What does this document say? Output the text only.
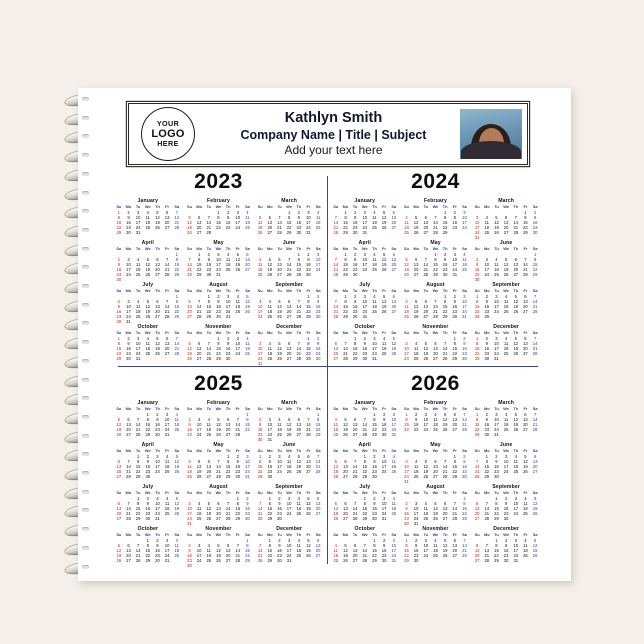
YOUR
LOGO
HERE
Kathlyn Smith
Company Name | Title | Subject
Add your text here
2023
January
Su	Mo	Tu	We	Th	Fr	Sa
1	2	3	4	5	6	7
8	9	10	11	12	13	14
15	16	17	18	19	20	21
22	23	24	25	26	27	28
29	30	31				
February
Su	Mo	Tu	We	Th	Fr	Sa
			1	2	3	4
5	6	7	8	9	10	11
12	13	14	15	16	17	18
19	20	21	22	23	24	25
26	27	28				
March
Su	Mo	Tu	We	Th	Fr	Sa
			1	2	3	4
5	6	7	8	9	10	11
12	13	14	15	16	17	18
19	20	21	22	23	24	25
26	27	28	29	30	31	
April
Su	Mo	Tu	We	Th	Fr	Sa
						1
2	3	4	5	6	7	8
9	10	11	12	13	14	15
16	17	18	19	20	21	22
23	24	25	26	27	28	29
30						
May
Su	Mo	Tu	We	Th	Fr	Sa
	1	2	3	4	5	6
7	8	9	10	11	12	13
14	15	16	17	18	19	20
21	22	23	24	25	26	27
28	29	30	31			
June
Su	Mo	Tu	We	Th	Fr	Sa
				1	2	3
4	5	6	7	8	9	10
11	12	13	14	15	16	17
18	19	20	21	22	23	24
25	26	27	28	29	30	
July
Su	Mo	Tu	We	Th	Fr	Sa
						1
2	3	4	5	6	7	8
9	10	11	12	13	14	15
16	17	18	19	20	21	22
23	24	25	26	27	28	29
30	31					
August
Su	Mo	Tu	We	Th	Fr	Sa
		1	2	3	4	5
6	7	8	9	10	11	12
13	14	15	16	17	18	19
20	21	22	23	24	25	26
27	28	29	30	31		
September
Su	Mo	Tu	We	Th	Fr	Sa
					1	2
3	4	5	6	7	8	9
10	11	12	13	14	15	16
17	18	19	20	21	22	23
24	25	26	27	28	29	30
October
Su	Mo	Tu	We	Th	Fr	Sa
1	2	3	4	5	6	7
8	9	10	11	12	13	14
15	16	17	18	19	20	21
22	23	24	25	26	27	28
29	30	31				
November
Su	Mo	Tu	We	Th	Fr	Sa
			1	2	3	4
5	6	7	8	9	10	11
12	13	14	15	16	17	18
19	20	21	22	23	24	25
26	27	28	29	30		
December
Su	Mo	Tu	We	Th	Fr	Sa
					1	2
3	4	5	6	7	8	9
10	11	12	13	14	15	16
17	18	19	20	21	22	23
24	25	26	27	28	29	30
31						
2024
January
Su	Mo	Tu	We	Th	Fr	Sa
	1	2	3	4	5	6
7	8	9	10	11	12	13
14	15	16	17	18	19	20
21	22	23	24	25	26	27
28	29	30	31			
February
Su	Mo	Tu	We	Th	Fr	Sa
				1	2	3
4	5	6	7	8	9	10
11	12	13	14	15	16	17
18	19	20	21	22	23	24
25	26	27	28	29		
March
Su	Mo	Tu	We	Th	Fr	Sa
					1	2
3	4	5	6	7	8	9
10	11	12	13	14	15	16
17	18	19	20	21	22	23
24	25	26	27	28	29	30
31						
April
Su	Mo	Tu	We	Th	Fr	Sa
	1	2	3	4	5	6
7	8	9	10	11	12	13
14	15	16	17	18	19	20
21	22	23	24	25	26	27
28	29	30				
May
Su	Mo	Tu	We	Th	Fr	Sa
			1	2	3	4
5	6	7	8	9	10	11
12	13	14	15	16	17	18
19	20	21	22	23	24	25
26	27	28	29	30	31	
June
Su	Mo	Tu	We	Th	Fr	Sa
						1
2	3	4	5	6	7	8
9	10	11	12	13	14	15
16	17	18	19	20	21	22
23	24	25	26	27	28	29
30						
July
Su	Mo	Tu	We	Th	Fr	Sa
	1	2	3	4	5	6
7	8	9	10	11	12	13
14	15	16	17	18	19	20
21	22	23	24	25	26	27
28	29	30	31			
August
Su	Mo	Tu	We	Th	Fr	Sa
				1	2	3
4	5	6	7	8	9	10
11	12	13	14	15	16	17
18	19	20	21	22	23	24
25	26	27	28	29	30	31
September
Su	Mo	Tu	We	Th	Fr	Sa
1	2	3	4	5	6	7
8	9	10	11	12	13	14
15	16	17	18	19	20	21
22	23	24	25	26	27	28
29	30					
October
Su	Mo	Tu	We	Th	Fr	Sa
		1	2	3	4	5
6	7	8	9	10	11	12
13	14	15	16	17	18	19
20	21	22	23	24	25	26
27	28	29	30	31		
November
Su	Mo	Tu	We	Th	Fr	Sa
					1	2
3	4	5	6	7	8	9
10	11	12	13	14	15	16
17	18	19	20	21	22	23
24	25	26	27	28	29	30
December
Su	Mo	Tu	We	Th	Fr	Sa
1	2	3	4	5	6	7
8	9	10	11	12	13	14
15	16	17	18	19	20	21
22	23	24	25	26	27	28
29	30	31				
2025
January
Su	Mo	Tu	We	Th	Fr	Sa
			1	2	3	4
5	6	7	8	9	10	11
12	13	14	15	16	17	18
19	20	21	22	23	24	25
26	27	28	29	30	31	
February
Su	Mo	Tu	We	Th	Fr	Sa
						1
2	3	4	5	6	7	8
9	10	11	12	13	14	15
16	17	18	19	20	21	22
23	24	25	26	27	28	
March
Su	Mo	Tu	We	Th	Fr	Sa
						1
2	3	4	5	6	7	8
9	10	11	12	13	14	15
16	17	18	19	20	21	22
23	24	25	26	27	28	29
30	31					
April
Su	Mo	Tu	We	Th	Fr	Sa
		1	2	3	4	5
6	7	8	9	10	11	12
13	14	15	16	17	18	19
20	21	22	23	24	25	26
27	28	29	30			
May
Su	Mo	Tu	We	Th	Fr	Sa
				1	2	3
4	5	6	7	8	9	10
11	12	13	14	15	16	17
18	19	20	21	22	23	24
25	26	27	28	29	30	31
June
Su	Mo	Tu	We	Th	Fr	Sa
1	2	3	4	5	6	7
8	9	10	11	12	13	14
15	16	17	18	19	20	21
22	23	24	25	26	27	28
29	30					
July
Su	Mo	Tu	We	Th	Fr	Sa
		1	2	3	4	5
6	7	8	9	10	11	12
13	14	15	16	17	18	19
20	21	22	23	24	25	26
27	28	29	30	31		
August
Su	Mo	Tu	We	Th	Fr	Sa
					1	2
3	4	5	6	7	8	9
10	11	12	13	14	15	16
17	18	19	20	21	22	23
24	25	26	27	28	29	30
31						
September
Su	Mo	Tu	We	Th	Fr	Sa
	1	2	3	4	5	6
7	8	9	10	11	12	13
14	15	16	17	18	19	20
21	22	23	24	25	26	27
28	29	30				
October
Su	Mo	Tu	We	Th	Fr	Sa
			1	2	3	4
5	6	7	8	9	10	11
12	13	14	15	16	17	18
19	20	21	22	23	24	25
26	27	28	29	30	31	
November
Su	Mo	Tu	We	Th	Fr	Sa
						1
2	3	4	5	6	7	8
9	10	11	12	13	14	15
16	17	18	19	20	21	22
23	24	25	26	27	28	29
30						
December
Su	Mo	Tu	We	Th	Fr	Sa
	1	2	3	4	5	6
7	8	9	10	11	12	13
14	15	16	17	18	19	20
21	22	23	24	25	26	27
28	29	30	31			
2026
January
Su	Mo	Tu	We	Th	Fr	Sa
				1	2	3
4	5	6	7	8	9	10
11	12	13	14	15	16	17
18	19	20	21	22	23	24
25	26	27	28	29	30	31
February
Su	Mo	Tu	We	Th	Fr	Sa
1	2	3	4	5	6	7
8	9	10	11	12	13	14
15	16	17	18	19	20	21
22	23	24	25	26	27	28
March
Su	Mo	Tu	We	Th	Fr	Sa
1	2	3	4	5	6	7
8	9	10	11	12	13	14
15	16	17	18	19	20	21
22	23	24	25	26	27	28
29	30	31				
April
Su	Mo	Tu	We	Th	Fr	Sa
			1	2	3	4
5	6	7	8	9	10	11
12	13	14	15	16	17	18
19	20	21	22	23	24	25
26	27	28	29	30		
May
Su	Mo	Tu	We	Th	Fr	Sa
					1	2
3	4	5	6	7	8	9
10	11	12	13	14	15	16
17	18	19	20	21	22	23
24	25	26	27	28	29	30
31						
June
Su	Mo	Tu	We	Th	Fr	Sa
	1	2	3	4	5	6
7	8	9	10	11	12	13
14	15	16	17	18	19	20
21	22	23	24	25	26	27
28	29	30				
July
Su	Mo	Tu	We	Th	Fr	Sa
			1	2	3	4
5	6	7	8	9	10	11
12	13	14	15	16	17	18
19	20	21	22	23	24	25
26	27	28	29	30	31	
August
Su	Mo	Tu	We	Th	Fr	Sa
						1
2	3	4	5	6	7	8
9	10	11	12	13	14	15
16	17	18	19	20	21	22
23	24	25	26	27	28	29
30	31					
September
Su	Mo	Tu	We	Th	Fr	Sa
		1	2	3	4	5
6	7	8	9	10	11	12
13	14	15	16	17	18	19
20	21	22	23	24	25	26
27	28	29	30			
October
Su	Mo	Tu	We	Th	Fr	Sa
				1	2	3
4	5	6	7	8	9	10
11	12	13	14	15	16	17
18	19	20	21	22	23	24
25	26	27	28	29	30	31
November
Su	Mo	Tu	We	Th	Fr	Sa
1	2	3	4	5	6	7
8	9	10	11	12	13	14
15	16	17	18	19	20	21
22	23	24	25	26	27	28
29	30					
December
Su	Mo	Tu	We	Th	Fr	Sa
		1	2	3	4	5
6	7	8	9	10	11	12
13	14	15	16	17	18	19
20	21	22	23	24	25	26
27	28	29	30	31		
